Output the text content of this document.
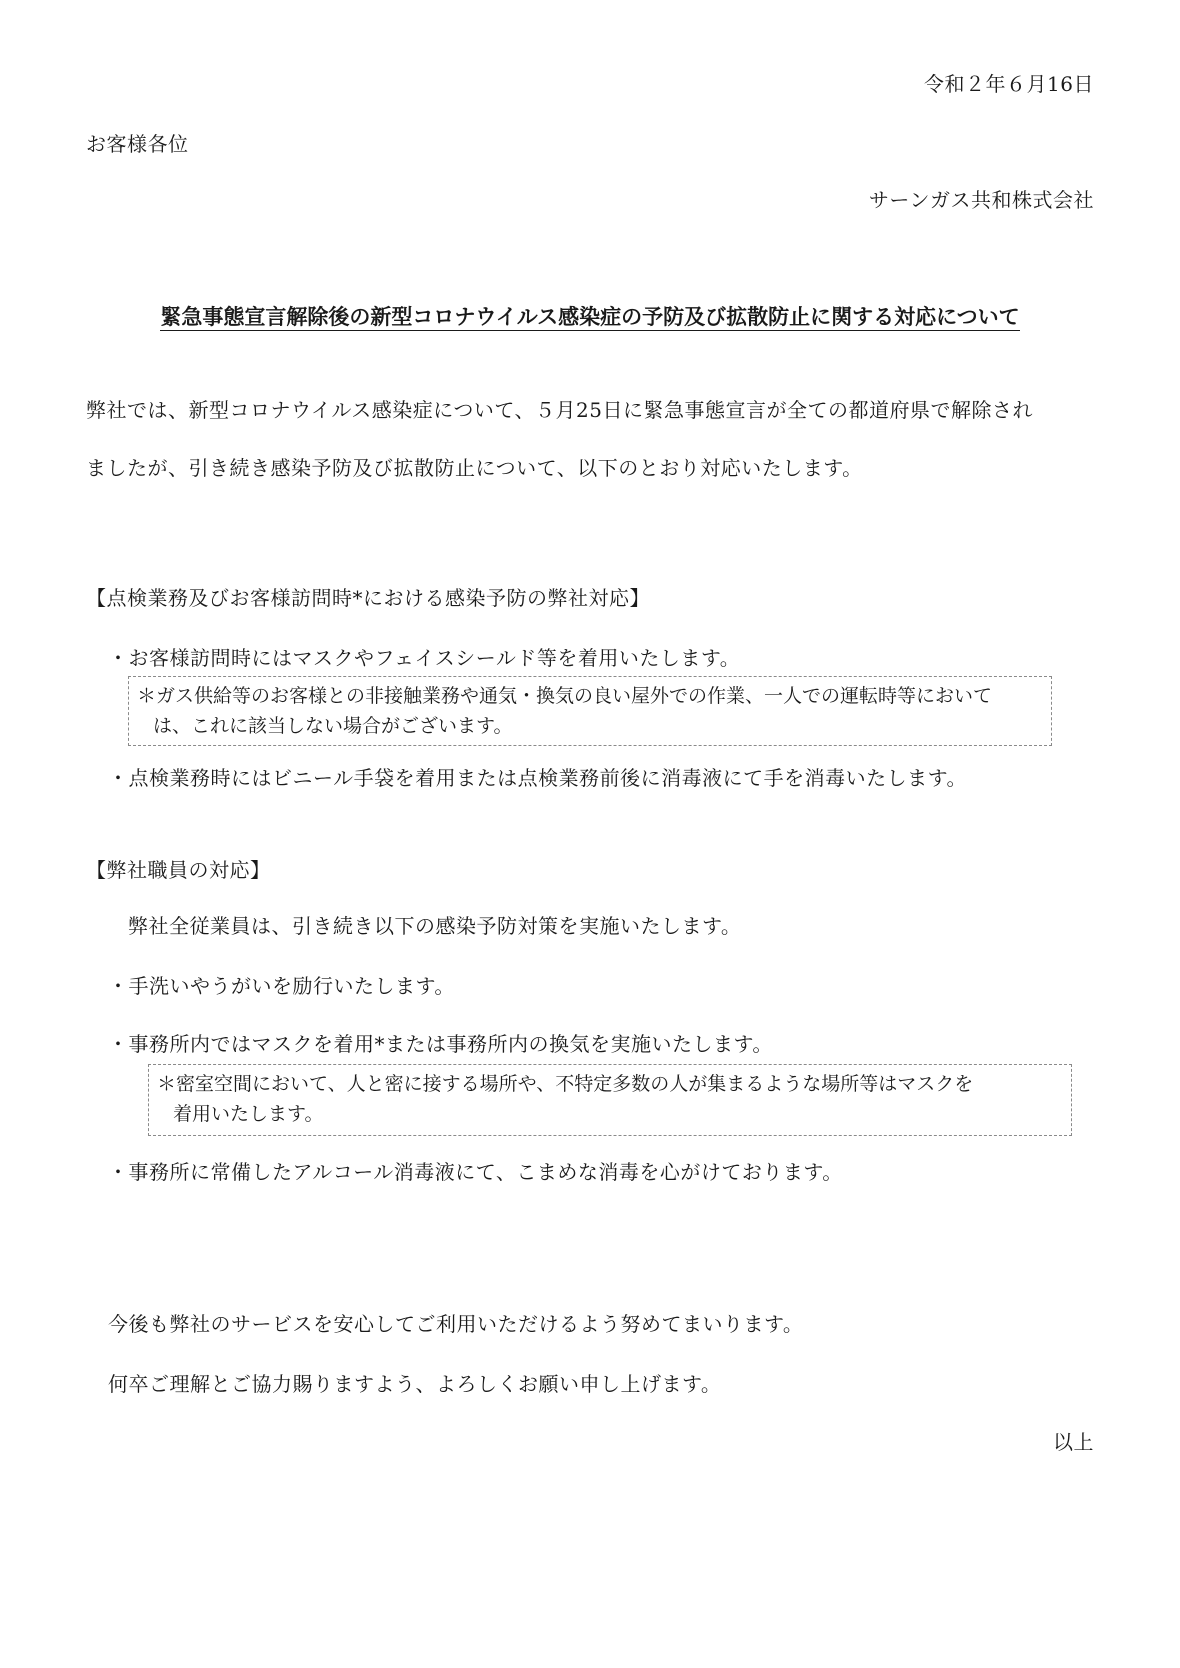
令和２年６月16日
お客様各位
サーンガス共和株式会社
緊急事態宣言解除後の新型コロナウイルス感染症の予防及び拡散防止に関する対応について
弊社では、新型コロナウイルス感染症について、５月25日に緊急事態宣言が全ての都道府県で解除され
ましたが、引き続き感染予防及び拡散防止について、以下のとおり対応いたします。
【点検業務及びお客様訪問時*における感染予防の弊社対応】
・お客様訪問時にはマスクやフェイスシールド等を着用いたします。
＊ガス供給等のお客様との非接触業務や通気・換気の良い屋外での作業、一人での運転時等において
は、これに該当しない場合がございます。
・点検業務時にはビニール手袋を着用または点検業務前後に消毒液にて手を消毒いたします。
【弊社職員の対応】
弊社全従業員は、引き続き以下の感染予防対策を実施いたします。
・手洗いやうがいを励行いたします。
・事務所内ではマスクを着用*または事務所内の換気を実施いたします。
＊密室空間において、人と密に接する場所や、不特定多数の人が集まるような場所等はマスクを
着用いたします。
・事務所に常備したアルコール消毒液にて、こまめな消毒を心がけております。
今後も弊社のサービスを安心してご利用いただけるよう努めてまいります。
何卒ご理解とご協力賜りますよう、よろしくお願い申し上げます。
以上
